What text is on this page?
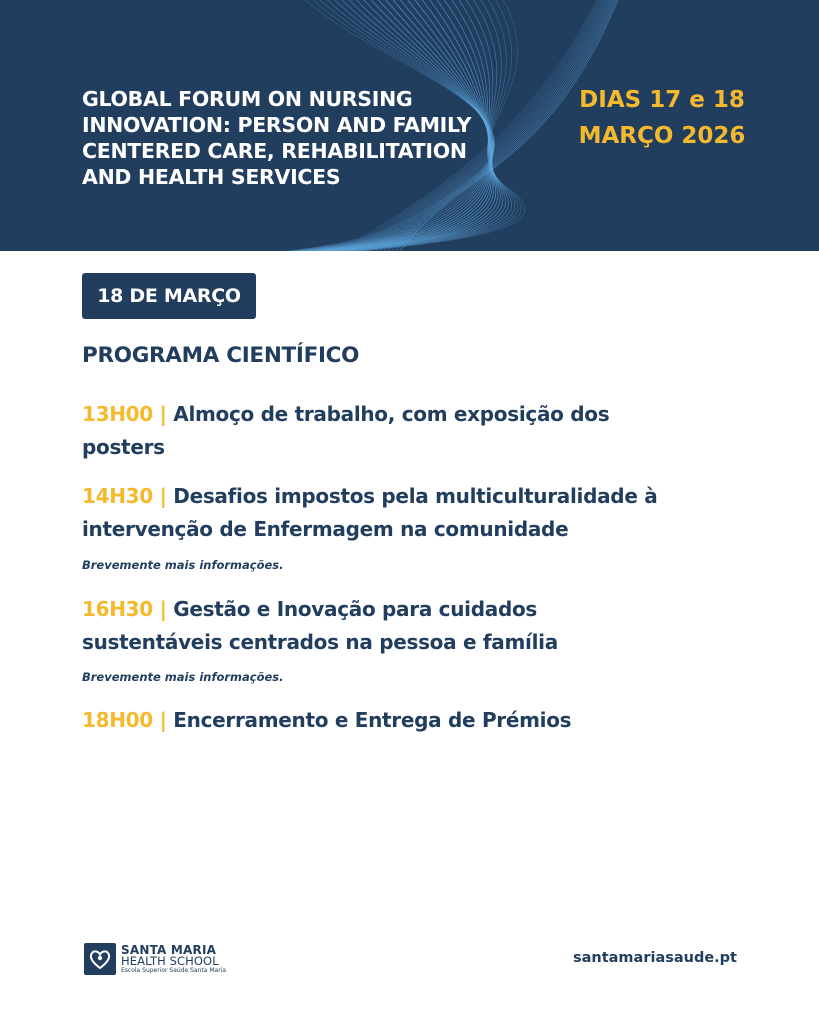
GLOBAL FORUM ON NURSING
INNOVATION: PERSON AND FAMILY
CENTERED CARE, REHABILITATION
AND HEALTH SERVICES
DIAS 17 e 18
MARÇO 2026
18 DE MARÇO
PROGRAMA CIENTÍFICO

13H00 | Almoço de trabalho, com exposição dos
posters

14H30 | Desafios impostos pela multiculturalidade à
intervenção de Enfermagem na comunidade

Brevemente mais informações.

16H30 | Gestão e Inovação para cuidados
sustentáveis centrados na pessoa e família

Brevemente mais informações.

18H00 | Encerramento e Entrega de Prémios

SANTA MARIA
HEALTH SCHOOL
Escola Superior Saúde Santa Maria
santamariasaude.pt
